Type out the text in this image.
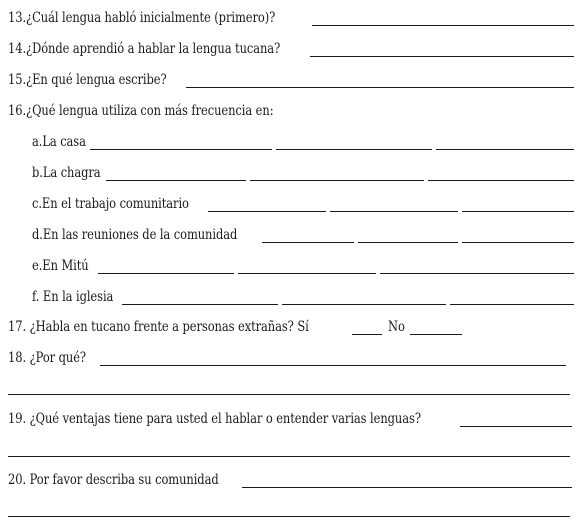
13.¿Cuál lengua habló inicialmente (primero)?
14.¿Dónde aprendió a hablar la lengua tucana?
15.¿En qué lengua escribe?
16.¿Qué lengua utiliza con más frecuencia en:
a.La casa
b.La chagra
c.En el trabajo comunitario
d.En las reuniones de la comunidad
e.En Mitú
f. En la iglesia
17. ¿Habla en tucano frente a personas extrañas? Sí	No
18. ¿Por qué?
19. ¿Qué ventajas tiene para usted el hablar o entender varias lenguas?
20. Por favor describa su comunidad
